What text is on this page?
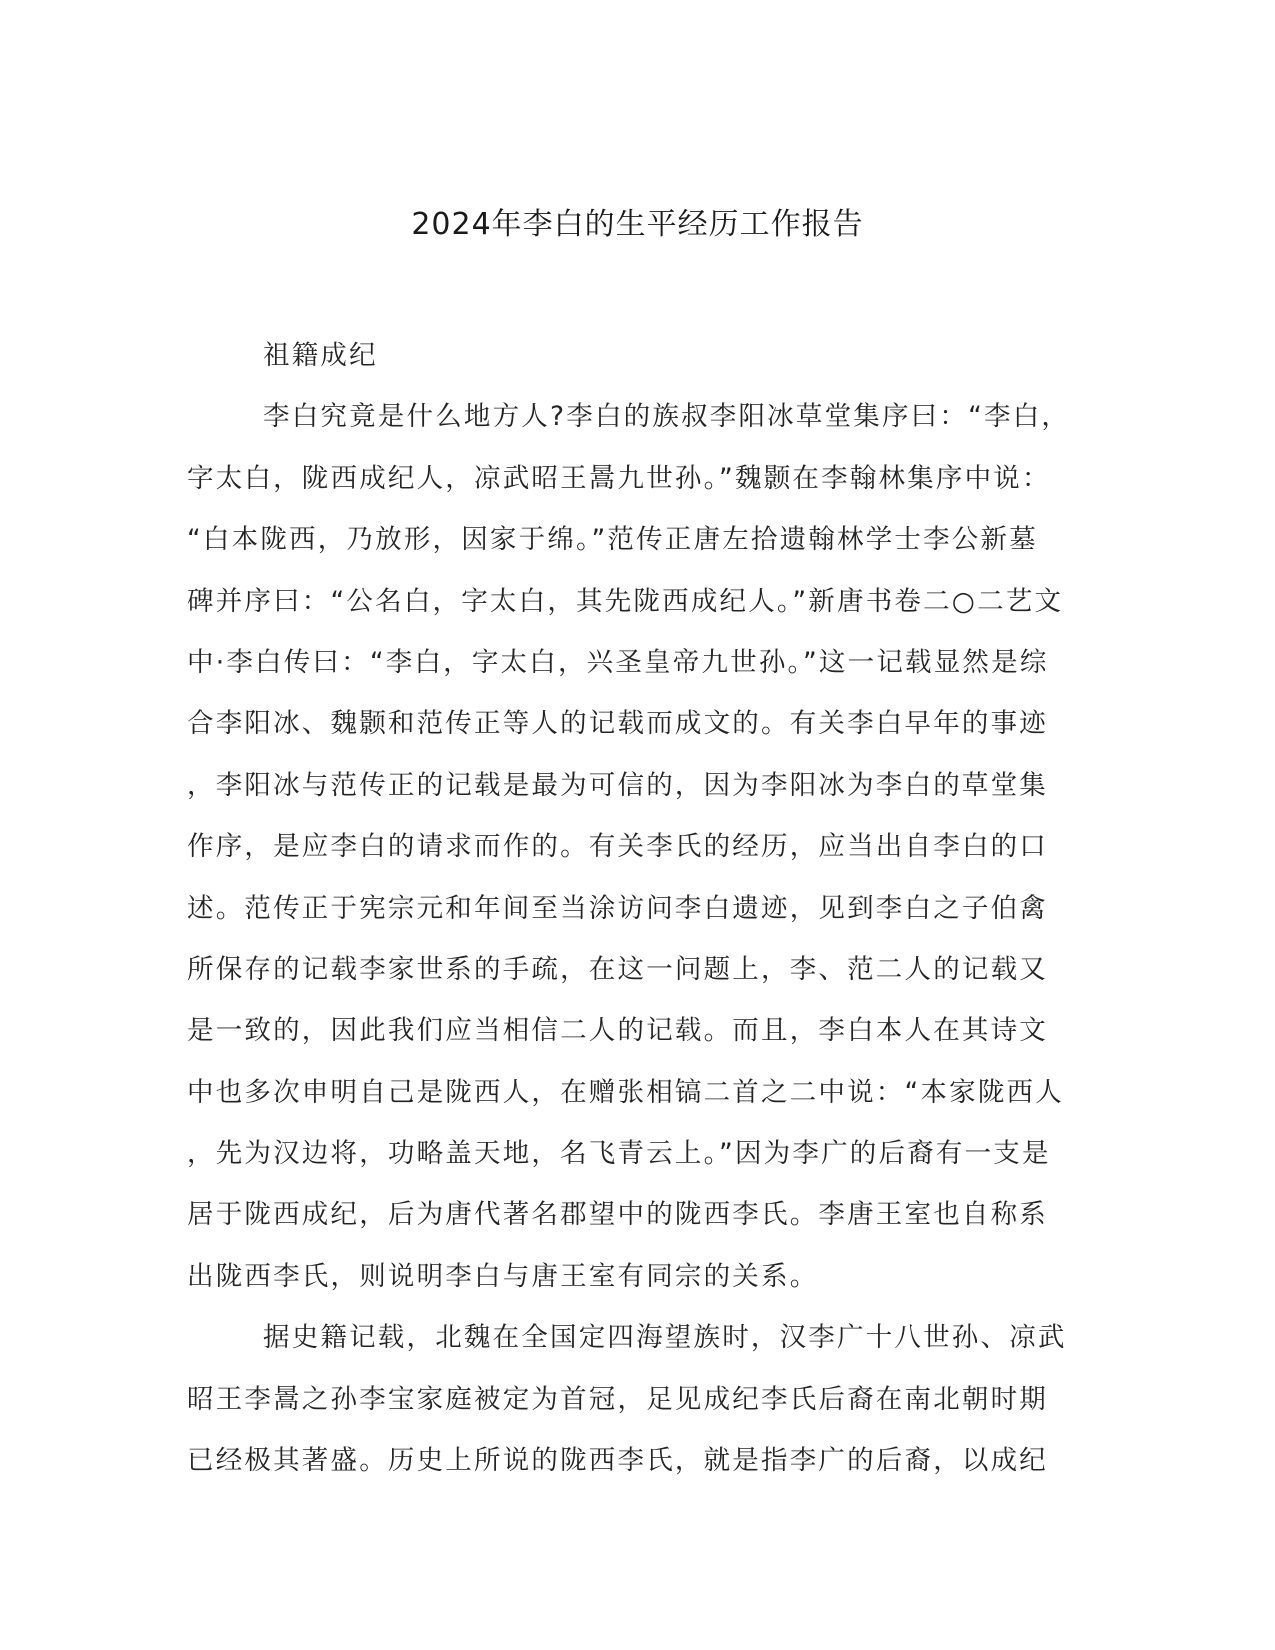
2024年李白的生平经历工作报告
祖籍成纪
李白究竟是什么地方人?李白的族叔李阳冰草堂集序曰：“李白，
字太白，陇西成纪人，凉武昭王暠九世孙。”魏颢在李翰林集序中说：
“白本陇西，乃放形，因家于绵。”范传正唐左拾遗翰林学士李公新墓
碑并序曰：“公名白，字太白，其先陇西成纪人。”新唐书卷二○二艺文
中·李白传曰：“李白，字太白，兴圣皇帝九世孙。”这一记载显然是综
合李阳冰、魏颢和范传正等人的记载而成文的。有关李白早年的事迹
，李阳冰与范传正的记载是最为可信的，因为李阳冰为李白的草堂集
作序，是应李白的请求而作的。有关李氏的经历，应当出自李白的口
述。范传正于宪宗元和年间至当涂访问李白遗迹，见到李白之子伯禽
所保存的记载李家世系的手疏，在这一问题上，李、范二人的记载又
是一致的，因此我们应当相信二人的记载。而且，李白本人在其诗文
中也多次申明自己是陇西人，在赠张相镐二首之二中说：“本家陇西人
，先为汉边将，功略盖天地，名飞青云上。”因为李广的后裔有一支是
居于陇西成纪，后为唐代著名郡望中的陇西李氏。李唐王室也自称系
出陇西李氏，则说明李白与唐王室有同宗的关系。
据史籍记载，北魏在全国定四海望族时，汉李广十八世孙、凉武
昭王李暠之孙李宝家庭被定为首冠，足见成纪李氏后裔在南北朝时期
已经极其著盛。历史上所说的陇西李氏，就是指李广的后裔，以成纪
